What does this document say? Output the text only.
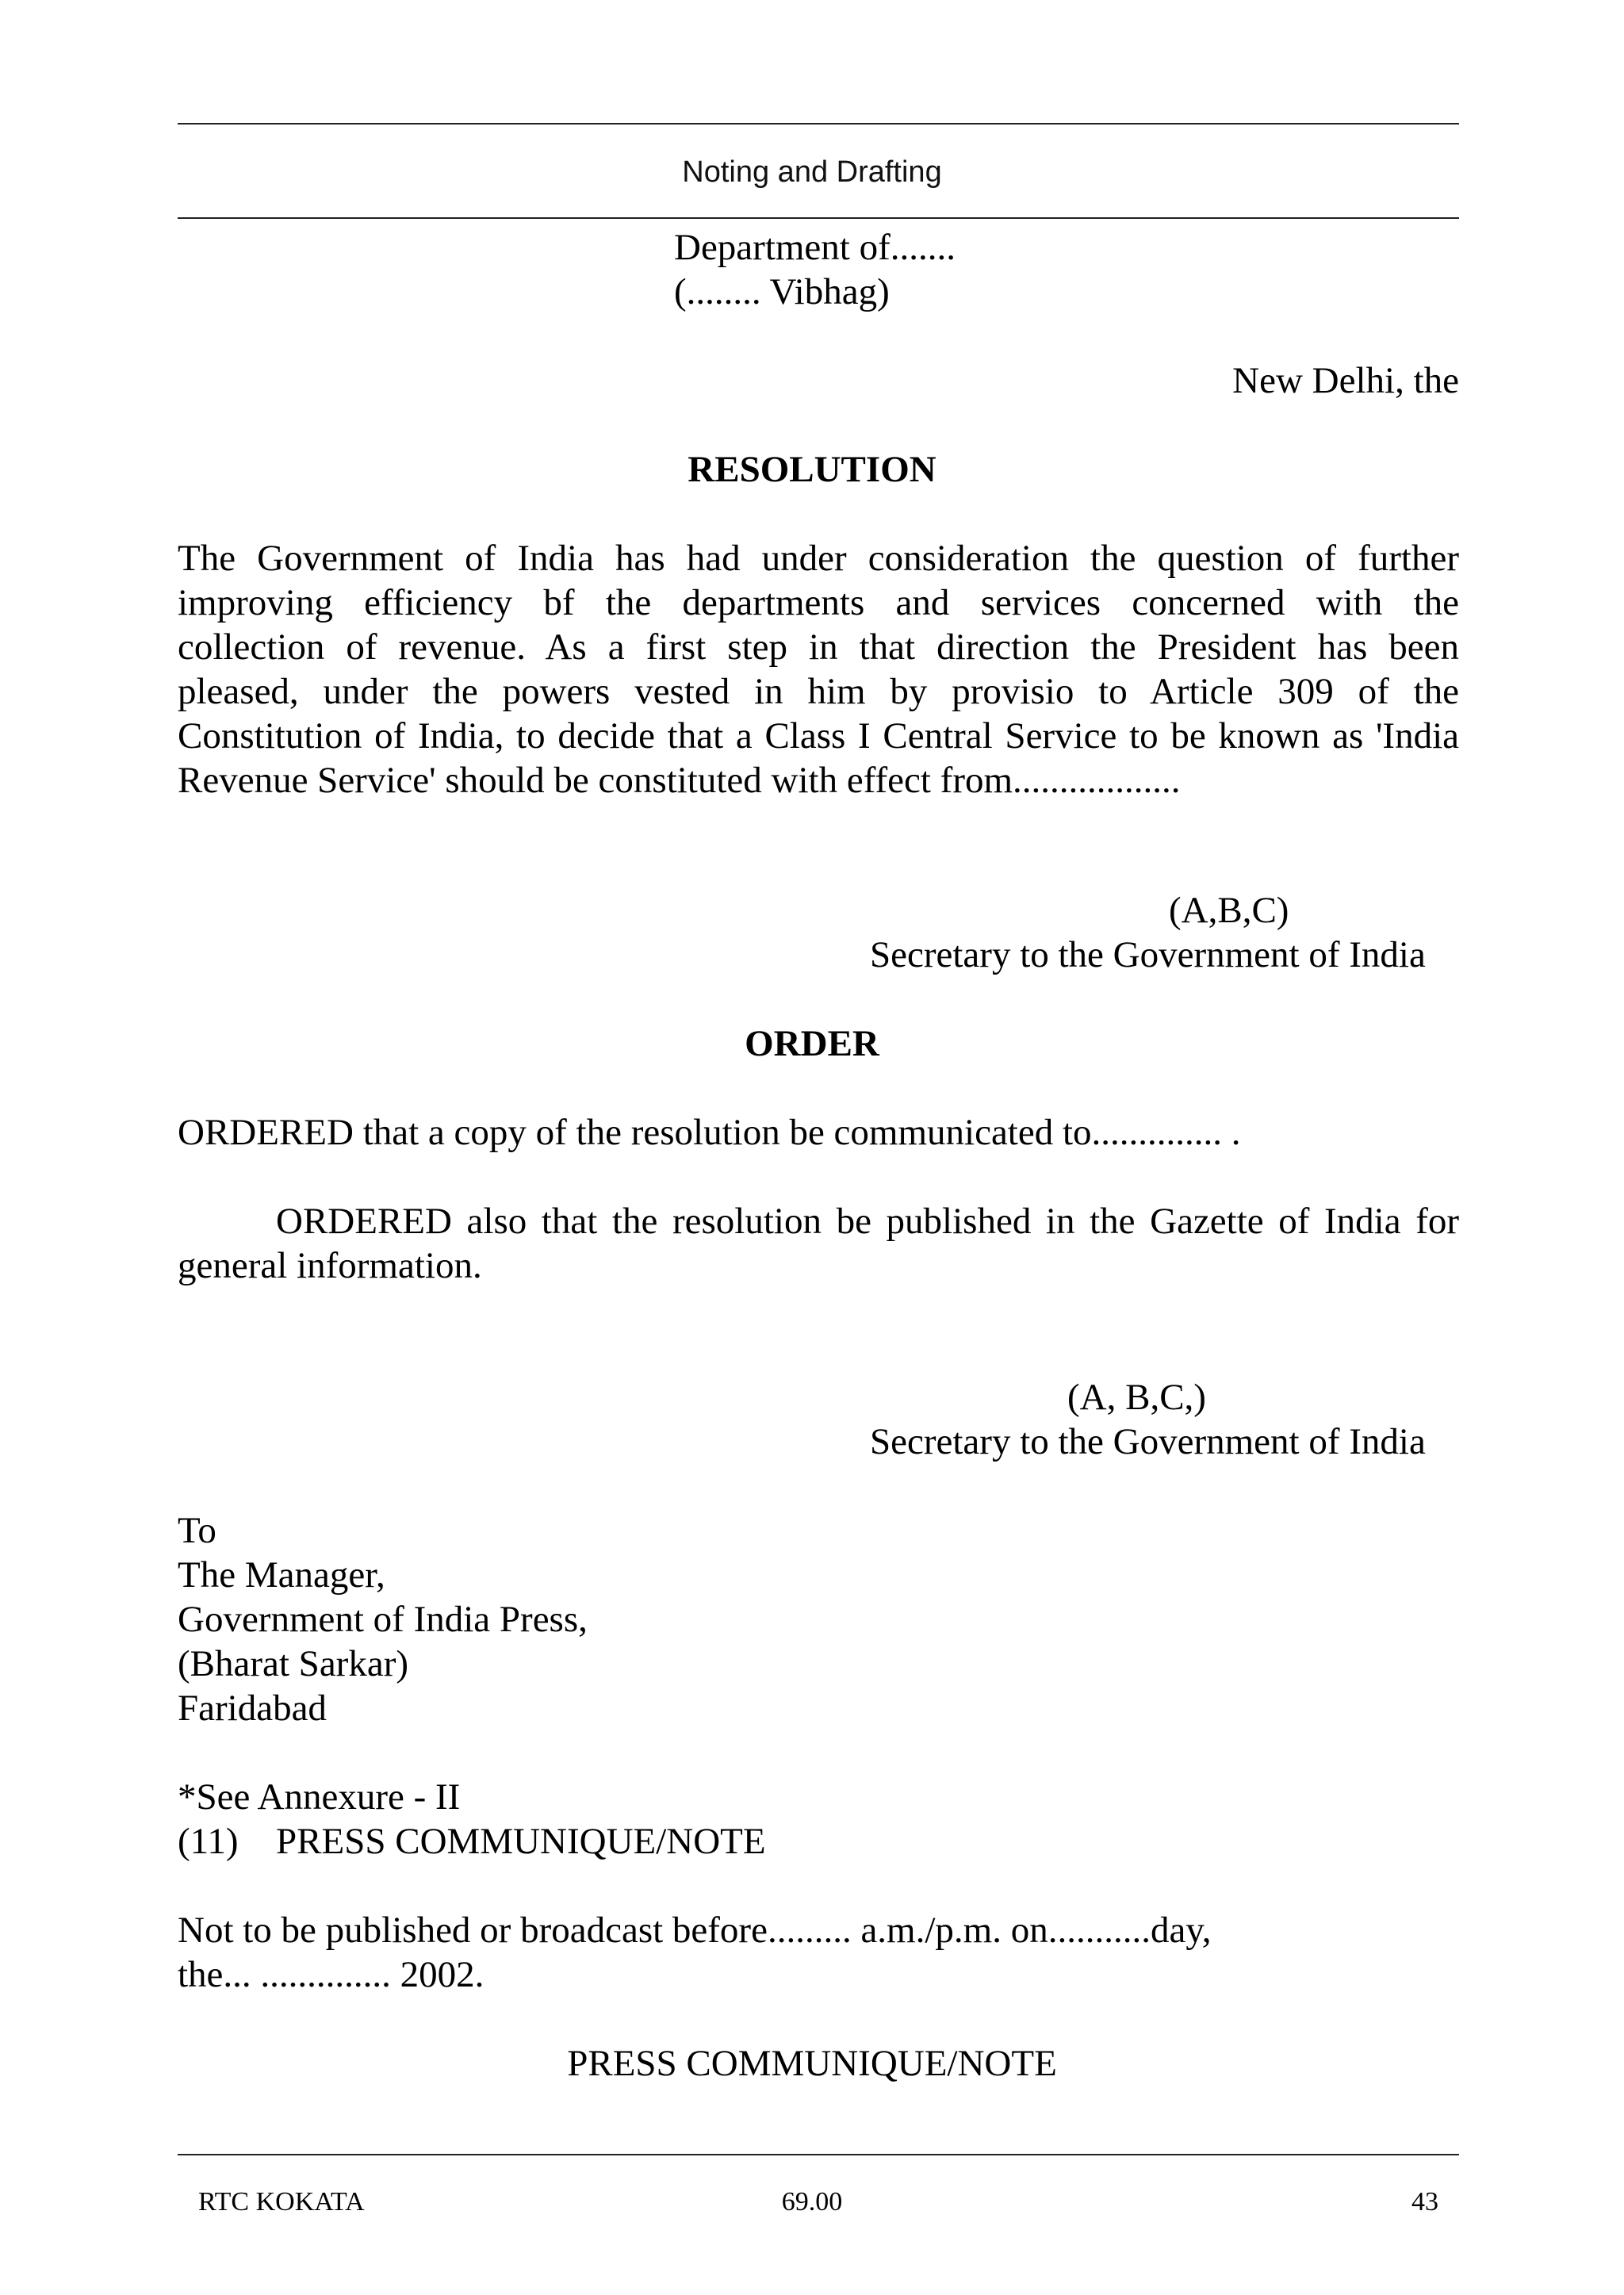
Noting and Drafting
Department of.......
(........ Vibhag)
New Delhi, the
RESOLUTION
The Government of India has had under consideration the question of further
improving efficiency bf the departments and services concerned with the
collection of revenue. As a first step in that direction the President has been
pleased, under the powers vested in him by provisio to Article 309 of the
Constitution of India, to decide that a Class I Central Service to be known as 'India
Revenue Service' should be constituted with effect from..................
(A,B,C)
Secretary to the Government of India
ORDER
ORDERED that a copy of the resolution be communicated to.............. .
ORDERED also that the resolution be published in the Gazette of India for
general information.
(A, B,C,)
Secretary to the Government of India
To
The Manager,
Government of India Press,
(Bharat Sarkar)
Faridabad
*See Annexure - II
(11) PRESS COMMUNIQUE/NOTE
Not to be published or broadcast before......... a.m./p.m. on...........day,
the... .............. 2002.
PRESS COMMUNIQUE/NOTE
RTC KOKATA	69.00	43
